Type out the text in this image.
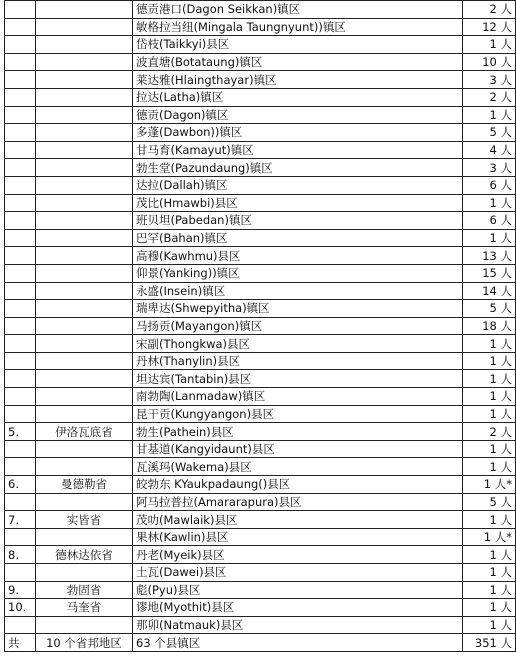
		德贡港口(Dagon Seikkan)镇区	2 人
		敏格拉当纽(Mingala Taungnyunt))镇区	12 人
		岱枝(Taikkyi)县区	1 人
		波直塘(Botataung)镇区	10 人
		莱达雅(Hlaingthayar)镇区	3 人
		拉达(Latha)镇区	2 人
		德贡(Dagon)镇区	1 人
		多蓬(Dawbon))镇区	5 人
		甘马育(Kamayut)镇区	4 人
		勃生堂(Pazundaung)镇区	3 人
		达拉(Dallah)镇区	6 人
		茂比(Hmawbi)县区	1 人
		班贝坦(Pabedan)镇区	6 人
		巴罕(Bahan)镇区	1 人
		高穆(Kawhmu)县区	13 人
		仰景(Yanking))镇区	15 人
		永盛(Insein)镇区	14 人
		瑞卑达(Shwepyitha)镇区	5 人
		马扬贡(Mayangon)镇区	18 人
		宋副(Thongkwa)县区	1 人
		丹林(Thanylin)县区	1 人
		坦达宾(Tantabin)县区	1 人
		南勃陶(Lanmadaw)镇区	1 人
		昆干贡(Kungyangon)县区	1 人
5.	伊洛瓦底省	勃生(Pathein)县区	2 人
		甘基道(Kangyidaunt)县区	1 人
		瓦溪玛(Wakema)县区	1 人
6.	曼德勒省	皎勃东 KYaukpadaung()县区	1 人*
		阿马拉普拉(Amararapura)县区	5 人
7.	实皆省	茂叻(Mawlaik)县区	1 人
		果林(Kawlin)县区	1 人*
8.	德林达依省	丹老(Myeik)县区	1 人
		土瓦(Dawei)县区	1 人
9.	勃固省	彪(Pyu)县区	1 人
10.	马奎省	谬地(Myothit)县区	1 人
		那卯(Natmauk)县区	1 人
共	10 个省邦地区	63 个县镇区	351 人
